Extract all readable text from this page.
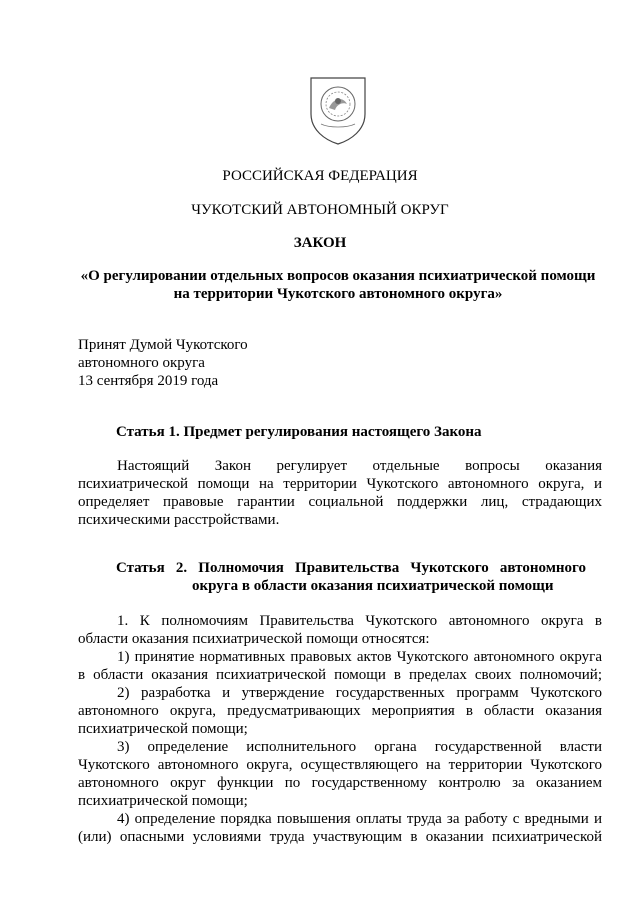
РОССИЙСКАЯ ФЕДЕРАЦИЯ
ЧУКОТСКИЙ АВТОНОМНЫЙ ОКРУГ
ЗАКОН
«О регулировании отдельных вопросов оказания психиатрической помощи
на территории Чукотского автономного округа»
Принят Думой Чукотского
автономного округа
13 сентября 2019 года
Статья 1. Предмет регулирования настоящего Закона
Настоящий Закон регулирует отдельные вопросы оказания
психиатрической помощи на территории Чукотского автономного округа, и
определяет правовые гарантии социальной поддержки лиц, страдающих
психическими расстройствами.
Статья 2. Полномочия Правительства Чукотского автономного
округа в области оказания психиатрической помощи
1. К полномочиям Правительства Чукотского автономного округа в
области оказания психиатрической помощи относятся:
1) принятие нормативных правовых актов Чукотского автономного округа
в области оказания психиатрической помощи в пределах своих полномочий;
2) разработка и утверждение государственных программ Чукотского
автономного округа, предусматривающих мероприятия в области оказания
психиатрической помощи;
3) определение исполнительного органа государственной власти
Чукотского автономного округа, осуществляющего на территории Чукотского
автономного округ функции по государственному контролю за оказанием
психиатрической помощи;
4) определение порядка повышения оплаты труда за работу с вредными и
(или) опасными условиями труда участвующим в оказании психиатрической
